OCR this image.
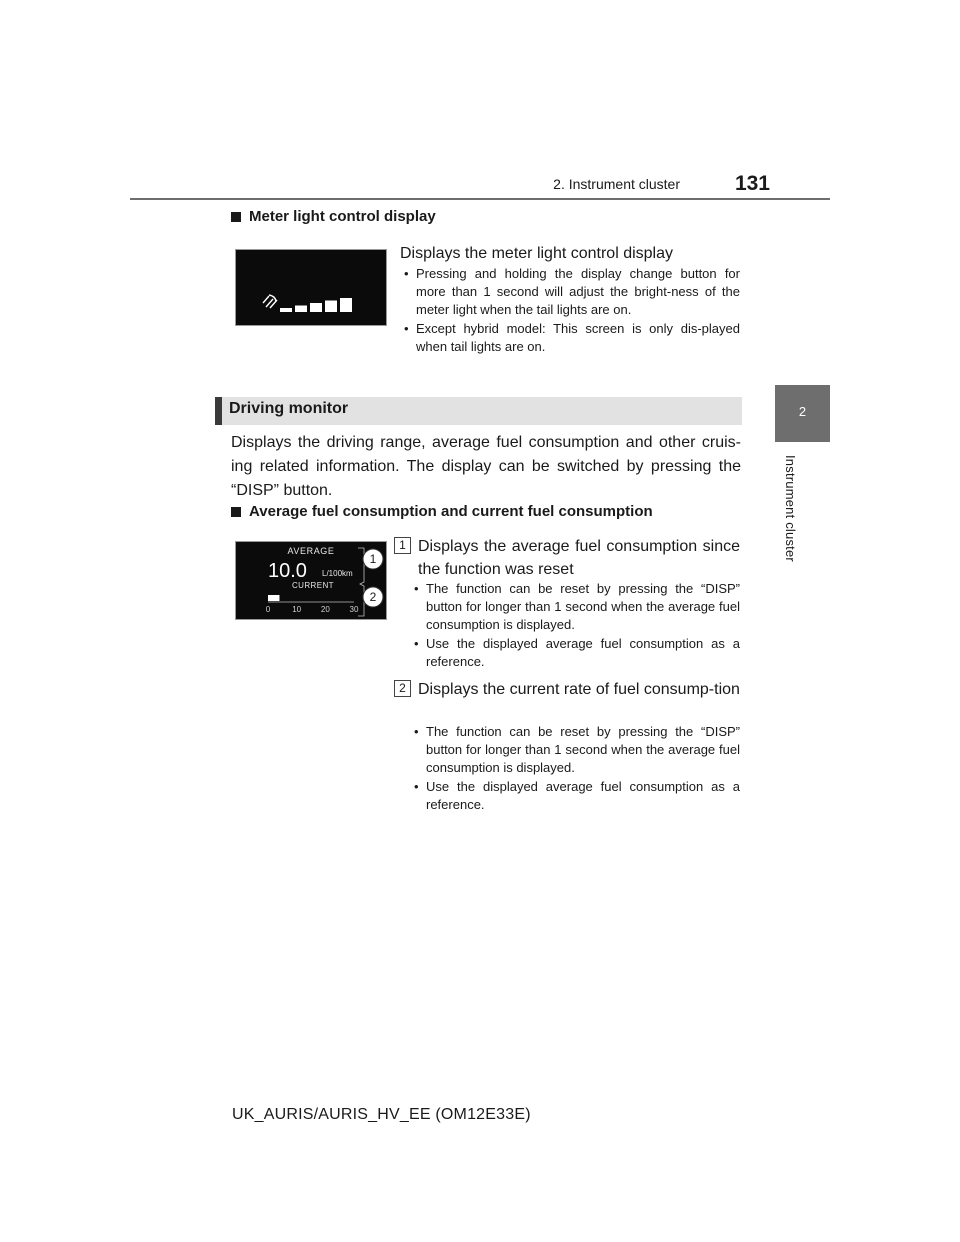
2. Instrument cluster	131
2
Instrument cluster
Meter light control display
Displays the meter light control display
• Pressing and holding the display change button for more than 1 second will adjust the bright-ness of the meter light when the tail lights are on.
• Except hybrid model: This screen is only dis-played when tail lights are on.
Driving monitor
Displays the driving range, average fuel consumption and other cruis-ing related information. The display can be switched by pressing the “DISP” button.
Average fuel consumption and current fuel consumption
AVERAGE
10.0 L/100km
CURRENT
0	10 20 30
1
2
1 Displays the average fuel consumption since the function was reset
• The function can be reset by pressing the “DISP” button for longer than 1 second when the average fuel consumption is displayed.
• Use the displayed average fuel consumption as a reference.
2 Displays the current rate of fuel consump-tion
• The function can be reset by pressing the “DISP” button for longer than 1 second when the average fuel consumption is displayed.
• Use the displayed average fuel consumption as a reference.
UK_AURIS/AURIS_HV_EE (OM12E33E)
